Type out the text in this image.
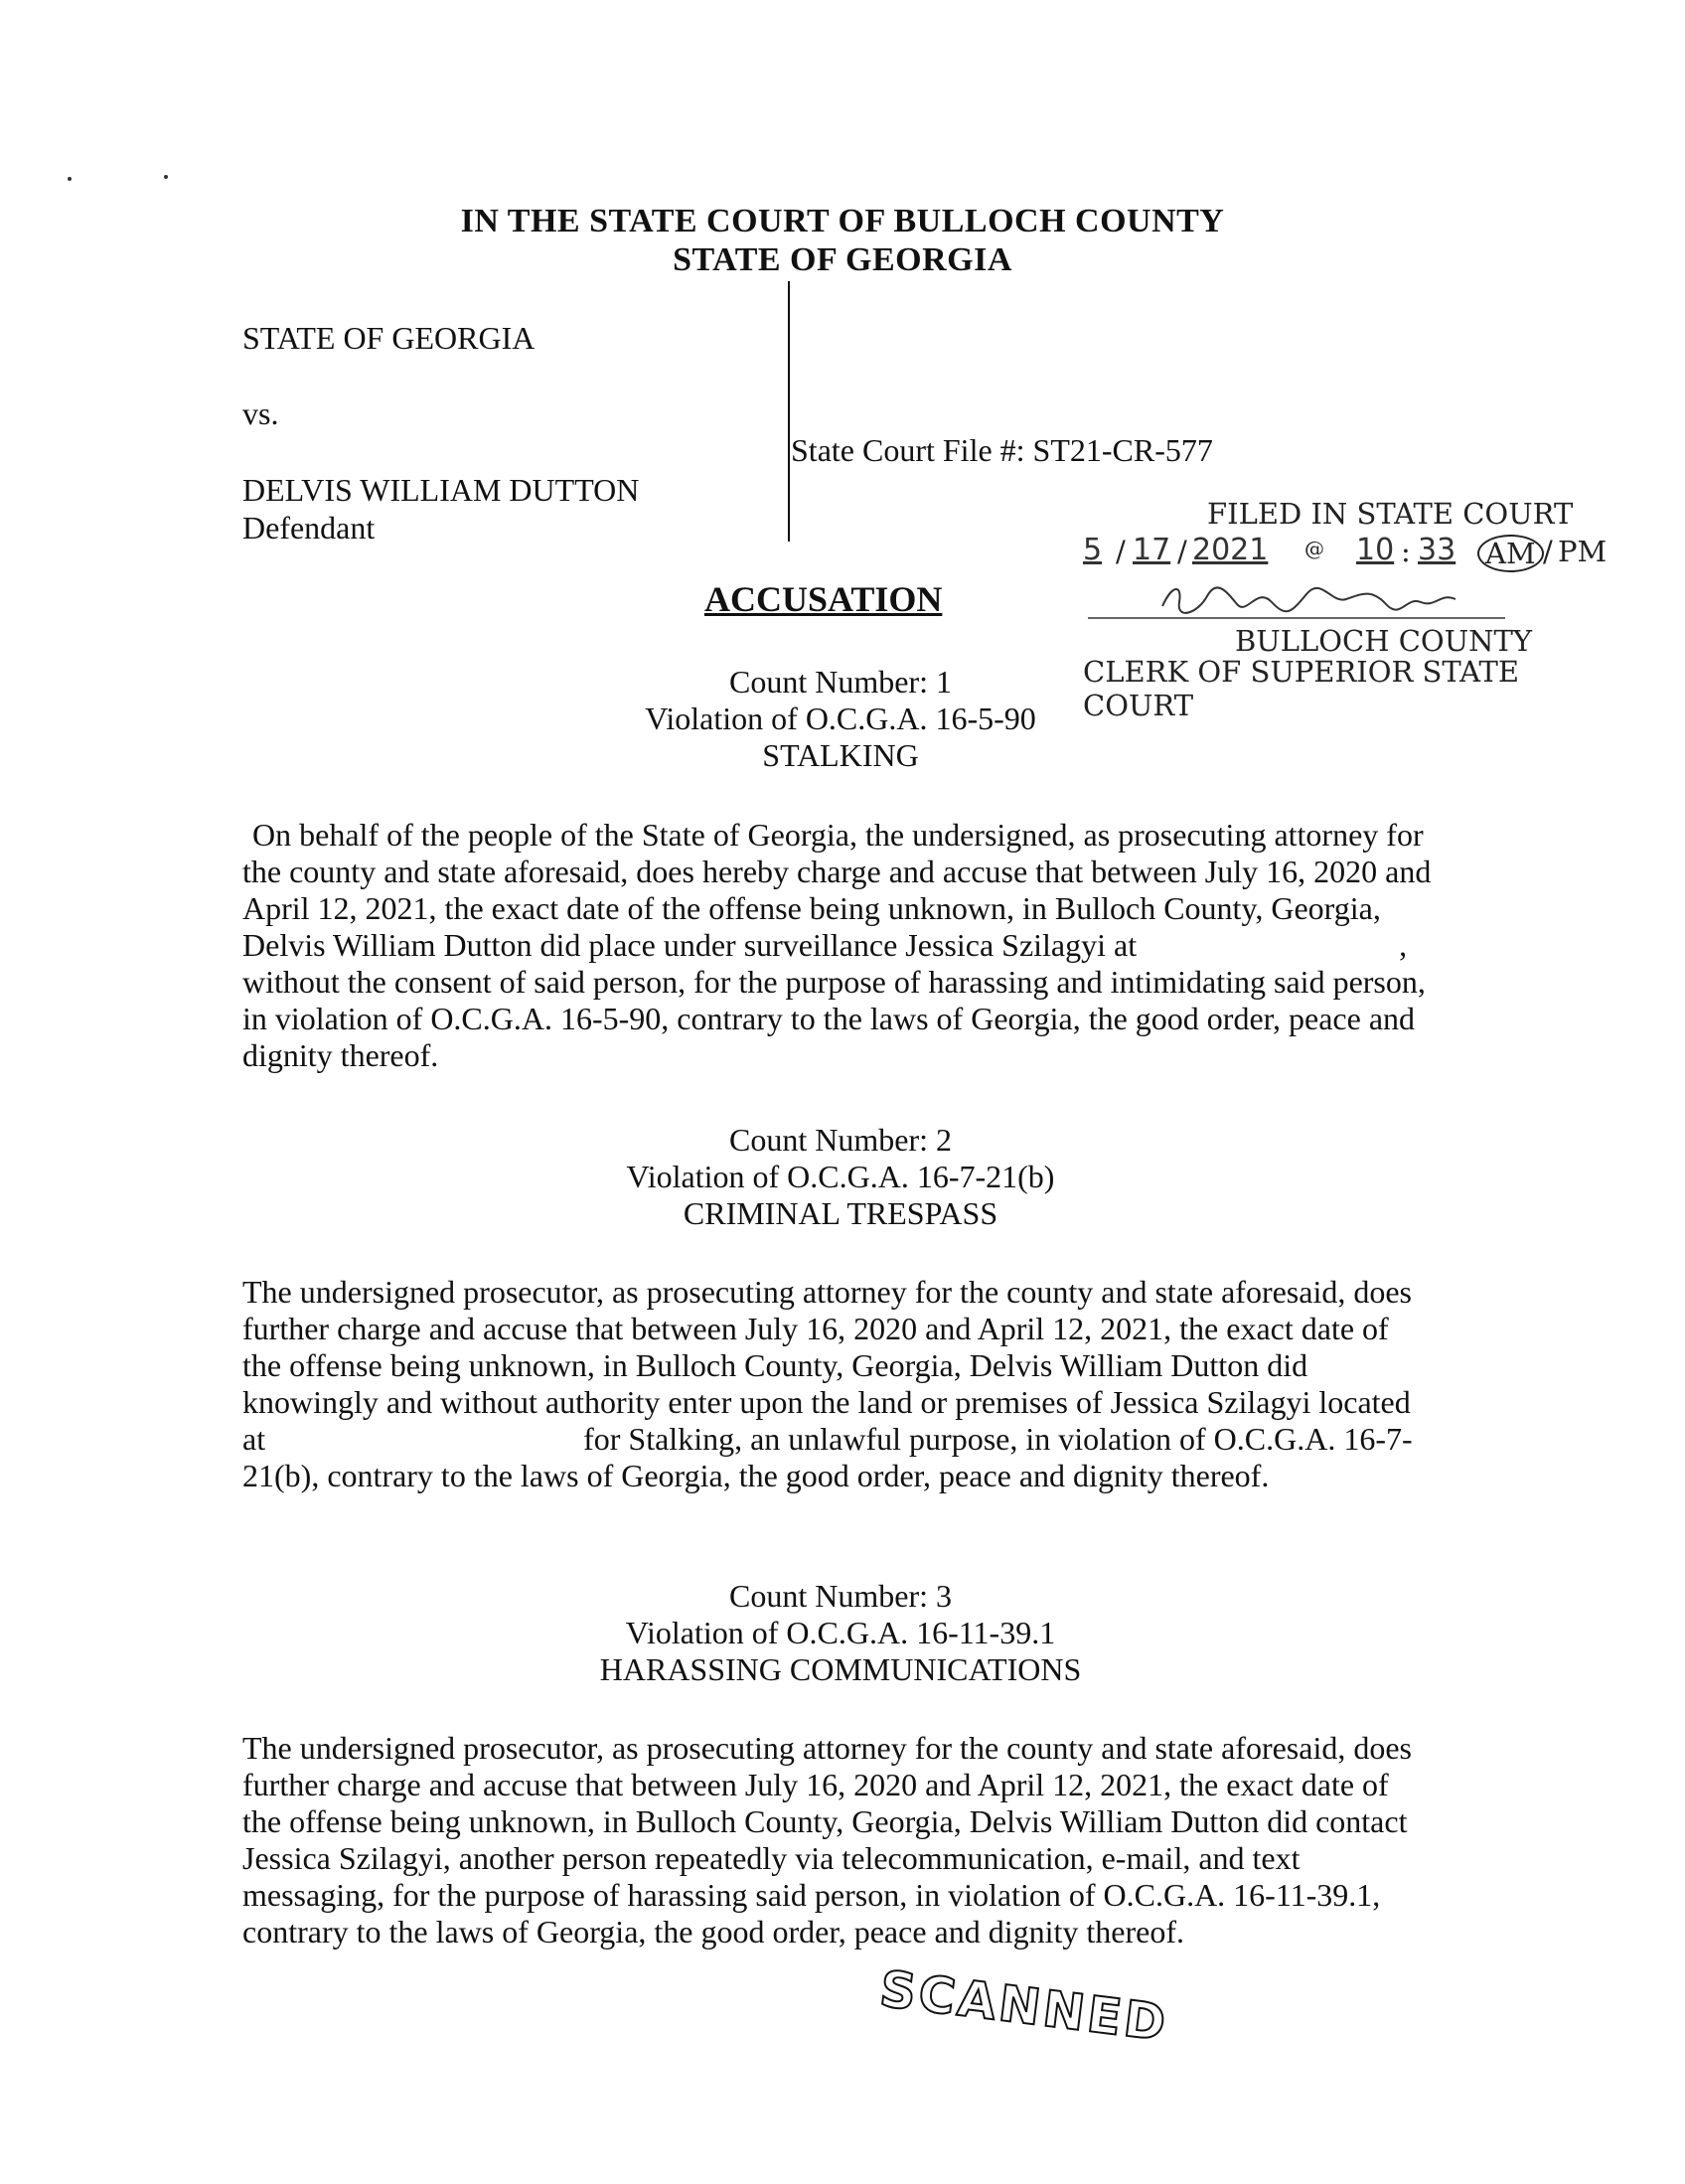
IN THE STATE COURT OF BULLOCH COUNTY
STATE OF GEORGIA
STATE OF GEORGIA
vs.
DELVIS WILLIAM DUTTON
Defendant
State Court File #: ST21-CR-577
FILED IN STATE COURT
5 / 17 / 2021 @ 10 : 33 AM / PM
BULLOCH COUNTY
CLERK OF SUPERIOR STATE COURT
ACCUSATION
Count Number: 1
Violation of O.C.G.A. 16-5-90
STALKING
On behalf of the people of the State of Georgia, the undersigned, as prosecuting attorney for the county and state aforesaid, does hereby charge and accuse that between July 16, 2020 and April 12, 2021, the exact date of the offense being unknown, in Bulloch County, Georgia, Delvis William Dutton did place under surveillance Jessica Szilagyi at                                 , without the consent of said person, for the purpose of harassing and intimidating said person, in violation of O.C.G.A. 16-5-90, contrary to the laws of Georgia, the good order, peace and dignity thereof.
Count Number: 2
Violation of O.C.G.A. 16-7-21(b)
CRIMINAL TRESPASS
The undersigned prosecutor, as prosecuting attorney for the county and state aforesaid, does further charge and accuse that between July 16, 2020 and April 12, 2021, the exact date of the offense being unknown, in Bulloch County, Georgia, Delvis William Dutton did knowingly and without authority enter upon the land or premises of Jessica Szilagyi located at                                        for Stalking, an unlawful purpose, in violation of O.C.G.A. 16-7-21(b), contrary to the laws of Georgia, the good order, peace and dignity thereof.
Count Number: 3
Violation of O.C.G.A. 16-11-39.1
HARASSING COMMUNICATIONS
The undersigned prosecutor, as prosecuting attorney for the county and state aforesaid, does further charge and accuse that between July 16, 2020 and April 12, 2021, the exact date of the offense being unknown, in Bulloch County, Georgia, Delvis William Dutton did contact Jessica Szilagyi, another person repeatedly via telecommunication, e-mail, and text messaging, for the purpose of harassing said person, in violation of O.C.G.A. 16-11-39.1, contrary to the laws of Georgia, the good order, peace and dignity thereof.
SCANNED
